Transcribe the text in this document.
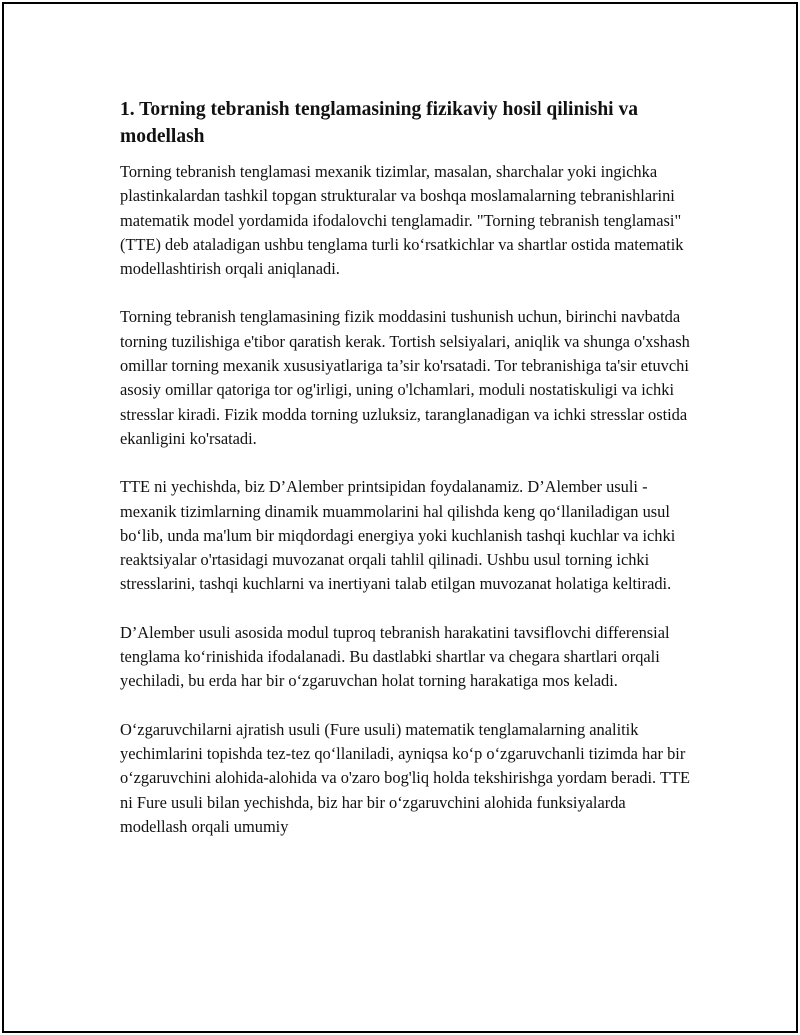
1. Torning tebranish tenglamasining fizikaviy hosil qilinishi va modellash

Torning tebranish tenglamasi mexanik tizimlar, masalan, sharchalar yoki ingichka plastinkalardan tashkil topgan strukturalar va boshqa moslamalarning tebranishlarini matematik model yordamida ifodalovchi tenglamadir. "Torning tebranish tenglamasi" (TTE) deb ataladigan ushbu tenglama turli ko‘rsatkichlar va shartlar ostida matematik modellashtirish orqali aniqlanadi.

Torning tebranish tenglamasining fizik moddasini tushunish uchun, birinchi navbatda torning tuzilishiga e'tibor qaratish kerak. Tortish selsiyalari, aniqlik va shunga o'xshash omillar torning mexanik xususiyatlariga ta’sir ko'rsatadi. Tor tebranishiga ta'sir etuvchi asosiy omillar qatoriga tor og'irligi, uning o'lchamlari, moduli nostatiskuligi va ichki stresslar kiradi. Fizik modda torning uzluksiz, taranglanadigan va ichki stresslar ostida ekanligini ko'rsatadi.

TTE ni yechishda, biz D’Alember printsipidan foydalanamiz. D’Alember usuli - mexanik tizimlarning dinamik muammolarini hal qilishda keng qo‘llaniladigan usul bo‘lib, unda ma'lum bir miqdordagi energiya yoki kuchlanish tashqi kuchlar va ichki reaktsiyalar o'rtasidagi muvozanat orqali tahlil qilinadi. Ushbu usul torning ichki stresslarini, tashqi kuchlarni va inertiyani talab etilgan muvozanat holatiga keltiradi.

D’Alember usuli asosida modul tuproq tebranish harakatini tavsiflovchi differensial tenglama ko‘rinishida ifodalanadi. Bu dastlabki shartlar va chegara shartlari orqali yechiladi, bu erda har bir o‘zgaruvchan holat torning harakatiga mos keladi.

O‘zgaruvchilarni ajratish usuli (Fure usuli) matematik tenglamalarning analitik yechimlarini topishda tez-tez qo‘llaniladi, ayniqsa ko‘p o‘zgaruvchanli tizimda har bir o‘zgaruvchini alohida-alohida va o'zaro bog'liq holda tekshirishga yordam beradi. TTE ni Fure usuli bilan yechishda, biz har bir o‘zgaruvchini alohida funksiyalarda modellash orqali umumiy
